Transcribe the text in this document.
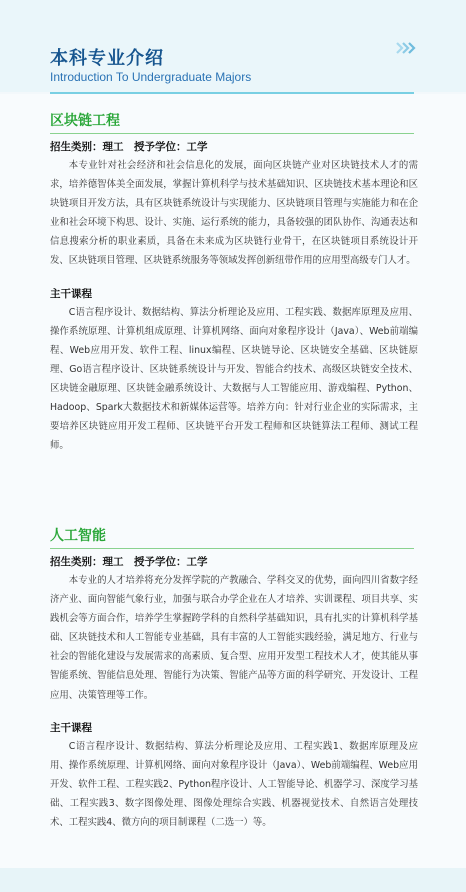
本科专业介绍
Introduction To Undergraduate Majors
区块链工程
招生类别：理工　授予学位：工学

本专业针对社会经济和社会信息化的发展，面向区块链产业对区块链技术人才的需求，培养德智体美全面发展，掌握计算机科学与技术基础知识、区块链技术基本理论和区块链项目开发方法，具有区块链系统设计与实现能力、区块链项目管理与实施能力和在企业和社会环境下构思、设计、实施、运行系统的能力，具备较强的团队协作、沟通表达和信息搜索分析的职业素质，具备在未来成为区块链行业骨干，在区块链项目系统设计开发、区块链项目管理、区块链系统服务等领域发挥创新纽带作用的应用型高级专门人才。

主干课程

C语言程序设计、数据结构、算法分析理论及应用、工程实践、数据库原理及应用、操作系统原理、计算机组成原理、计算机网络、面向对象程序设计（Java）、Web前端编程、Web应用开发、软件工程、linux编程、区块链导论、区块链安全基础、区块链原理、Go语言程序设计、区块链系统设计与开发、智能合约技术、高级区块链安全技术、区块链金融原理、区块链金融系统设计、大数据与人工智能应用、游戏编程、Python、Hadoop、Spark大数据技术和新媒体运营等。培养方向：针对行业企业的实际需求，主要培养区块链应用开发工程师、区块链平台开发工程师和区块链算法工程师、测试工程师。

人工智能
招生类别：理工　授予学位：工学

本专业的人才培养将充分发挥学院的产教融合、学科交叉的优势，面向四川省数字经济产业、面向智能气象行业，加强与联合办学企业在人才培养、实训课程、项目共享、实践机会等方面合作，培养学生掌握跨学科的自然科学基础知识，具有扎实的计算机科学基础、区块链技术和人工智能专业基础，具有丰富的人工智能实践经验，满足地方、行业与社会的智能化建设与发展需求的高素质、复合型、应用开发型工程技术人才，使其能从事智能系统、智能信息处理、智能行为决策、智能产品等方面的科学研究、开发设计、工程应用、决策管理等工作。

主干课程

C语言程序设计、数据结构、算法分析理论及应用、工程实践1、数据库原理及应用、操作系统原理、计算机网络、面向对象程序设计（Java）、Web前端编程、Web应用开发、软件工程、工程实践2、Python程序设计、人工智能导论、机器学习、深度学习基础、工程实践3、数字图像处理、图像处理综合实践、机器视觉技术、自然语言处理技术、工程实践4、微方向的项目制课程（二选一）等。
